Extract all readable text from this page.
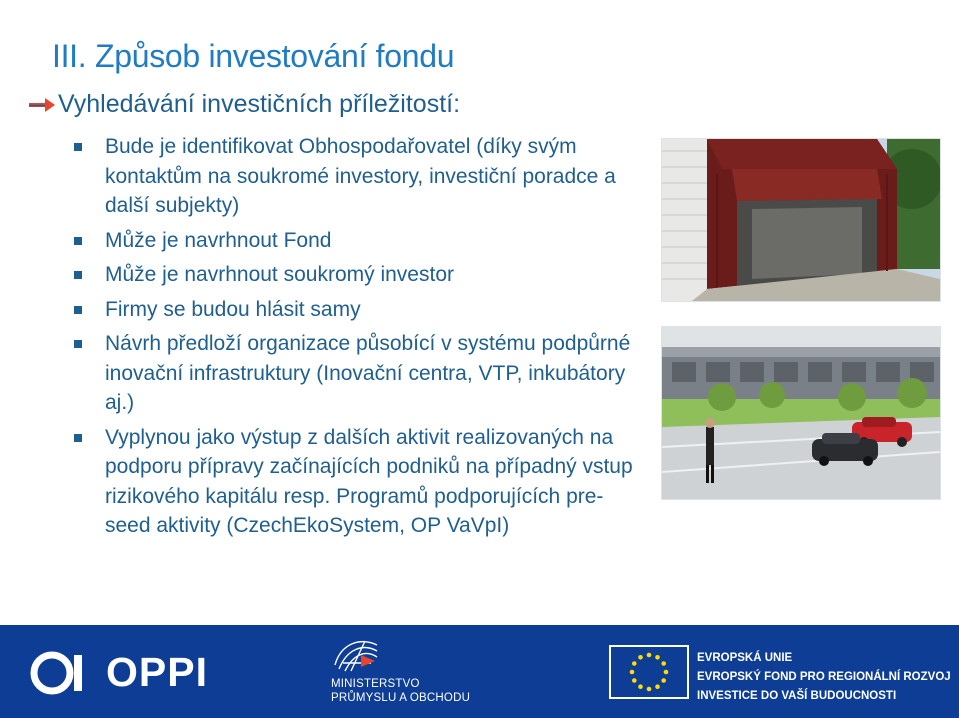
III. Způsob investování fondu
Vyhledávání investičních příležitostí:
Bude je identifikovat Obhospodařovatel (díky svým kontaktům na soukromé investory, investiční poradce a další subjekty)
Může je navrhnout Fond
Může je navrhnout soukromý investor
Firmy se budou hlásit samy
Návrh předloží organizace působící v systému podpůrné inovační infrastruktury (Inovační centra, VTP, inkubátory aj.)
Vyplynou jako výstup z dalších aktivit realizovaných na podporu přípravy začínajících podniků na případný vstup rizikového kapitálu resp. Programů podporujících pre-seed aktivity (CzechEkoSystem, OP VaVpI)
OPPI	MINISTERSTVO
PRŮMYSLU A OBCHODU
EVROPSKÁ UNIE
EVROPSKÝ FOND PRO REGIONÁLNÍ ROZVOJ
INVESTICE DO VAŠÍ BUDOUCNOSTI
